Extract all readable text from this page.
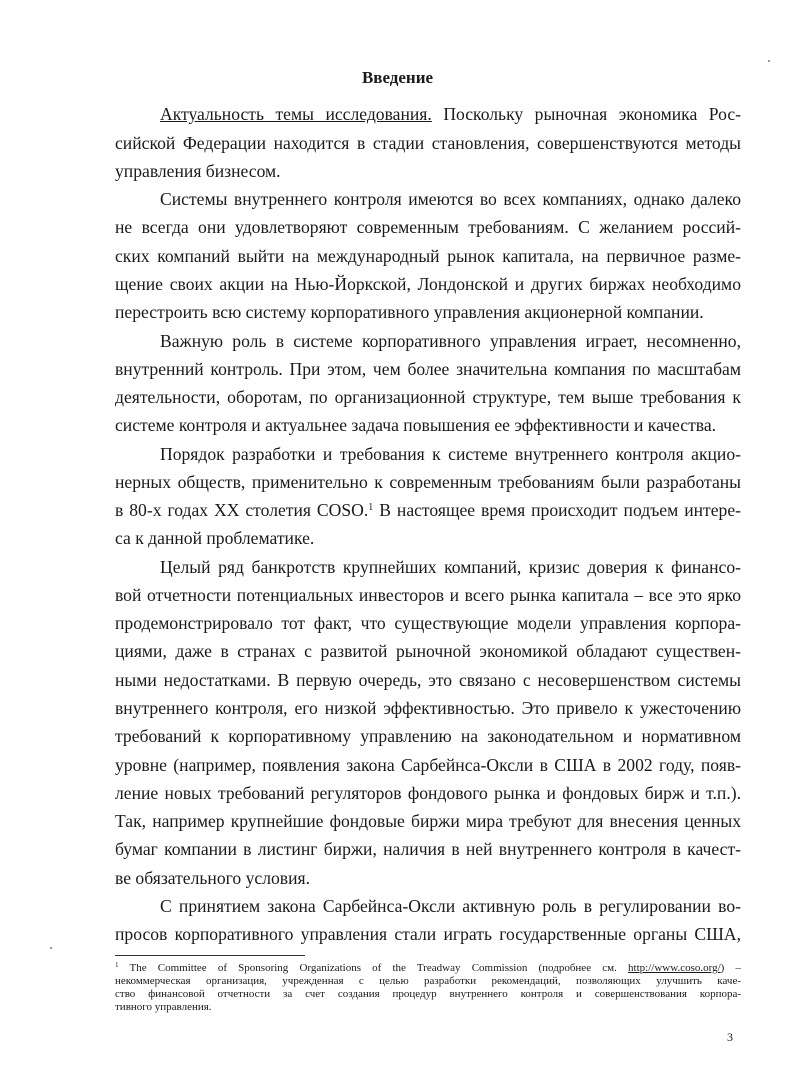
Введение
Актуальность темы исследования. Поскольку рыночная экономика Рос-
сийской Федерации находится в стадии становления, совершенствуются методы
управления бизнесом.
Системы внутреннего контроля имеются во всех компаниях, однако далеко
не всегда они удовлетворяют современным требованиям. С желанием россий-
ских компаний выйти на международный рынок капитала, на первичное разме-
щение своих акции на Нью-Йоркской, Лондонской и других биржах необходимо
перестроить всю систему корпоративного управления акционерной компании.
Важную роль в системе корпоративного управления играет, несомненно,
внутренний контроль. При этом, чем более значительна компания по масштабам
деятельности, оборотам, по организационной структуре, тем выше требования к
системе контроля и актуальнее задача повышения ее эффективности и качества.
Порядок разработки и требования к системе внутреннего контроля акцио-
нерных обществ, применительно к современным требованиям были разработаны
в 80-х годах XX столетия COSO.$^1$ В настоящее время происходит подъем интере-
са к данной проблематике.
Целый ряд банкротств крупнейших компаний, кризис доверия к финансо-
вой отчетности потенциальных инвесторов и всего рынка капитала – все это ярко
продемонстрировало тот факт, что существующие модели управления корпора-
циями, даже в странах с развитой рыночной экономикой обладают существен-
ными недостатками. В первую очередь, это связано с несовершенством системы
внутреннего контроля, его низкой эффективностью. Это привело к ужесточению
требований к корпоративному управлению на законодательном и нормативном
уровне (например, появления закона Сарбейнса-Оксли в США в 2002 году, появ-
ление новых требований регуляторов фондового рынка и фондовых бирж и т.п.).
Так, например крупнейшие фондовые биржи мира требуют для внесения ценных
бумаг компании в листинг биржи, наличия в ней внутреннего контроля в качест-
ве обязательного условия.
С принятием закона Сарбейнса-Оксли активную роль в регулировании во-
просов корпоративного управления стали играть государственные органы США,
$^1$ The Committee of Sponsoring Organizations of the Treadway Commission (подробнее см. http://www.coso.org/) –
некоммерческая организация, учрежденная с целью разработки рекомендаций, позволяющих улучшить каче-
ство финансовой отчетности за счет создания процедур внутреннего контроля и совершенствования корпора-
тивного управления.
3
